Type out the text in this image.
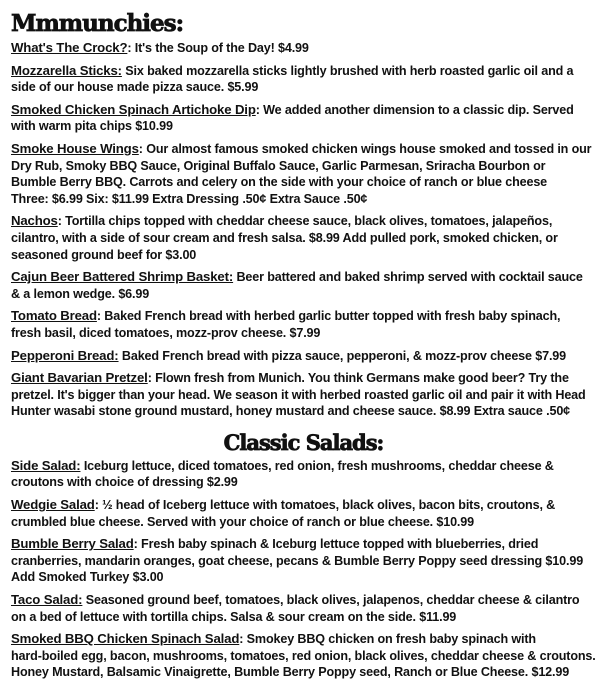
Mmmunchies:
What's The Crock?: It's the Soup of the Day! $4.99
Mozzarella Sticks: Six baked mozzarella sticks lightly brushed with herb roasted garlic oil and a
side of our house made pizza sauce. $5.99
Smoked Chicken Spinach Artichoke Dip: We added another dimension to a classic dip. Served
with warm pita chips $10.99
Smoke House Wings: Our almost famous smoked chicken wings house smoked and tossed in our
Dry Rub, Smoky BBQ Sauce, Original Buffalo Sauce, Garlic Parmesan, Sriracha Bourbon or
Bumble Berry BBQ. Carrots and celery on the side with your choice of ranch or blue cheese
Three: $6.99 Six: $11.99 Extra Dressing .50¢ Extra Sauce .50¢
Nachos: Tortilla chips topped with cheddar cheese sauce, black olives, tomatoes, jalapeños,
cilantro, with a side of sour cream and fresh salsa. $8.99 Add pulled pork, smoked chicken, or
seasoned ground beef for $3.00
Cajun Beer Battered Shrimp Basket: Beer battered and baked shrimp served with cocktail sauce
& a lemon wedge. $6.99
Tomato Bread: Baked French bread with herbed garlic butter topped with fresh baby spinach,
fresh basil, diced tomatoes, mozz-prov cheese. $7.99
Pepperoni Bread: Baked French bread with pizza sauce, pepperoni, & mozz-prov cheese $7.99
Giant Bavarian Pretzel: Flown fresh from Munich. You think Germans make good beer? Try the
pretzel. It's bigger than your head. We season it with herbed roasted garlic oil and pair it with Head
Hunter wasabi stone ground mustard, honey mustard and cheese sauce. $8.99 Extra sauce .50¢
Classic Salads:
Side Salad: Iceburg lettuce, diced tomatoes, red onion, fresh mushrooms, cheddar cheese &
croutons with choice of dressing $2.99
Wedgie Salad: ½ head of Iceberg lettuce with tomatoes, black olives, bacon bits, croutons, &
crumbled blue cheese. Served with your choice of ranch or blue cheese. $10.99
Bumble Berry Salad: Fresh baby spinach & Iceburg lettuce topped with blueberries, dried
cranberries, mandarin oranges, goat cheese, pecans & Bumble Berry Poppy seed dressing $10.99
Add Smoked Turkey $3.00
Taco Salad: Seasoned ground beef, tomatoes, black olives, jalapenos, cheddar cheese & cilantro
on a bed of lettuce with tortilla chips. Salsa & sour cream on the side. $11.99
Smoked BBQ Chicken Spinach Salad: Smokey BBQ chicken on fresh baby spinach with
hard-boiled egg, bacon, mushrooms, tomatoes, red onion, black olives, cheddar cheese & croutons.
Honey Mustard, Balsamic Vinaigrette, Bumble Berry Poppy seed, Ranch or Blue Cheese. $12.99
